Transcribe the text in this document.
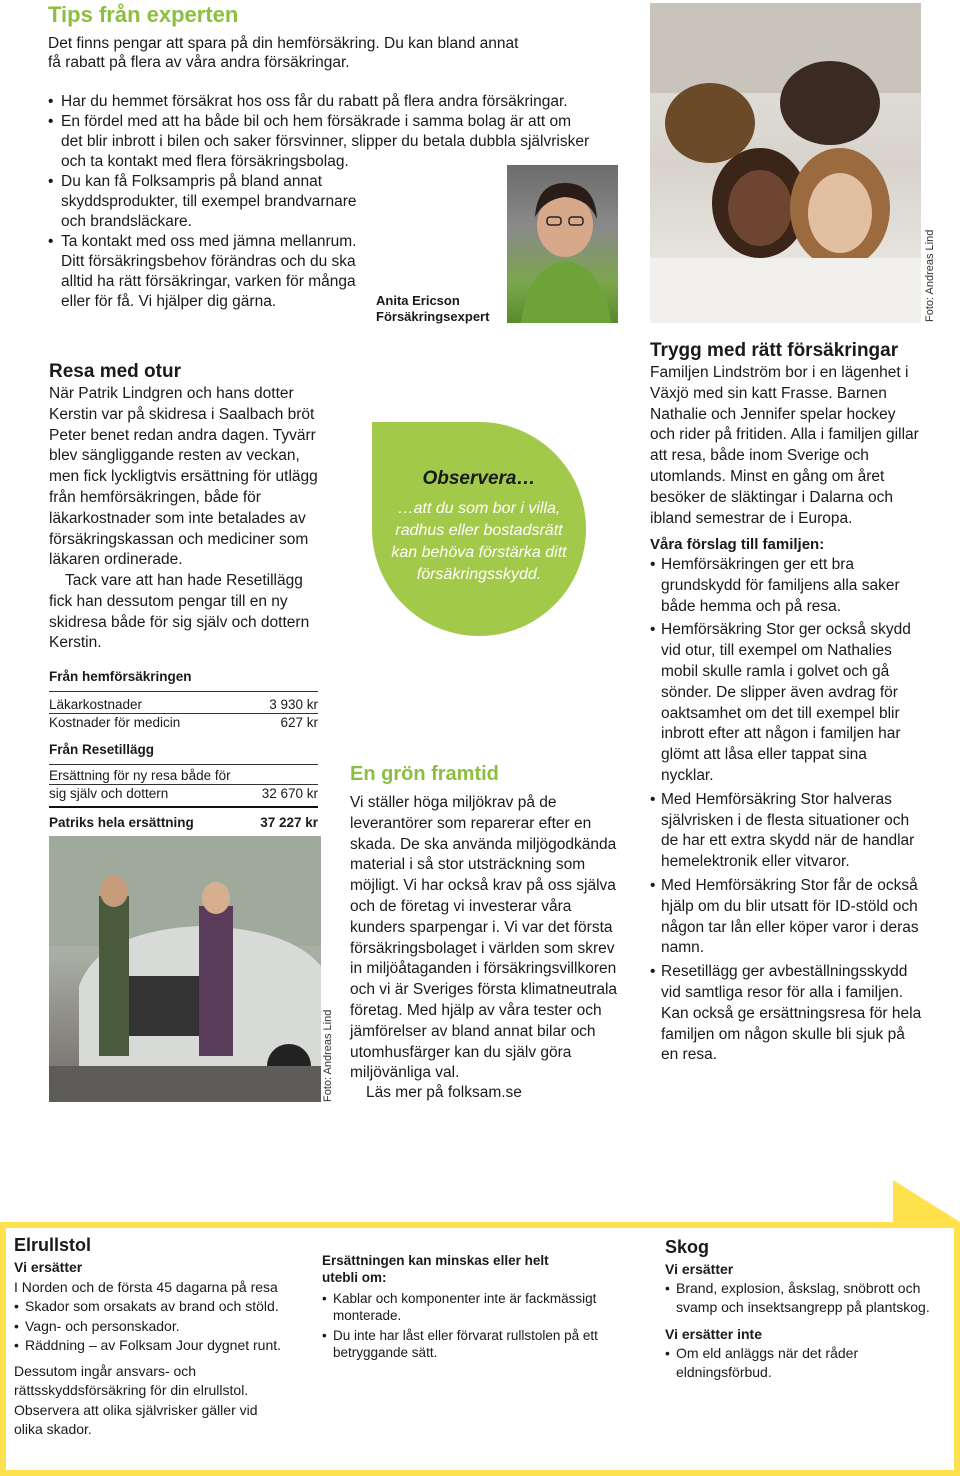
Tips från experten
Det finns pengar att spara på din hemförsäkring. Du kan bland annat
få rabatt på flera av våra andra försäkringar.
• Har du hemmet försäkrat hos oss får du rabatt på flera andra försäkringar.
• En fördel med att ha både bil och hem försäkrade i samma bolag är att om det blir inbrott i bilen och saker försvinner, slipper du betala dubbla självrisker och ta kontakt med flera försäkringsbolag.
• Du kan få Folksampris på bland annat skyddsprodukter, till exempel brandvarnare och brandsläckare.
• Ta kontakt med oss med jämna mellanrum. Ditt försäkringsbehov förändras och du ska alltid ha rätt försäkringar, varken för många eller för få. Vi hjälper dig gärna.	Anita Ericson
Försäkringsexpert	Foto: Andreas Lind
Resa med otur
När Patrik Lindgren och hans dotter Kerstin var på skidresa i Saalbach bröt Peter benet redan andra dagen. Tyvärr blev sängliggande resten av veckan, men fick lyckligtvis ersättning för utlägg från hemförsäkringen, både för läkarkostnader som inte betalades av försäkringskassan och mediciner som läkaren ordinerade.
Tack vare att han hade Resetillägg fick han dessutom pengar till en ny skidresa både för sig själv och dottern Kerstin.
Från hemförsäkringen
Läkarkostnader	3 930 kr
Kostnader för medicin	627 kr
Från Resetillägg
Ersättning för ny resa både för
sig själv och dottern	32 670 kr
Patriks hela ersättning	37 227 kr
Foto: Andreas Lind
Observera…
…att du som bor i villa, radhus eller bostadsrätt kan behöva förstärka ditt försäkringsskydd.
En grön framtid
Vi ställer höga miljökrav på de leverantörer som reparerar efter en skada. De ska använda miljögodkända material i så stor utsträckning som möjligt. Vi har också krav på oss själva och de företag vi investerar våra kunders sparpengar i. Vi var det första försäkringsbolaget i världen som skrev in miljöåtaganden i försäkringsvillkoren och vi är Sveriges första klimatneutrala företag. Med hjälp av våra tester och jämförelser av bland annat bilar och utomhusfärger kan du själv göra miljövänliga val.
Läs mer på folksam.se
Trygg med rätt försäkringar
Familjen Lindström bor i en lägenhet i Växjö med sin katt Frasse. Barnen Nathalie och Jennifer spelar hockey och rider på fritiden. Alla i familjen gillar att resa, både inom Sverige och utomlands. Minst en gång om året besöker de släktingar i Dalarna och ibland semestrar de i Europa.
Våra förslag till familjen:
• Hemförsäkringen ger ett bra grundskydd för familjens alla saker både hemma och på resa.
• Hemförsäkring Stor ger också skydd vid otur, till exempel om Nathalies mobil skulle ramla i golvet och gå sönder. De slipper även avdrag för oaktsamhet om det till exempel blir inbrott efter att någon i familjen har glömt att låsa eller tappat sina nycklar.
• Med Hemförsäkring Stor halveras självrisken i de flesta situationer och de har ett extra skydd när de handlar hemelektronik eller vitvaror.
• Med Hemförsäkring Stor får de också hjälp om du blir utsatt för ID-stöld och någon tar lån eller köper varor i deras namn.
• Resetillägg ger avbeställningsskydd vid samtliga resor för alla i familjen. Kan också ge ersättningsresa för hela familjen om någon skulle bli sjuk på en resa.
Elrullstol
Vi ersätter
I Norden och de första 45 dagarna på resa
• Skador som orsakats av brand och stöld.
• Vagn- och personskador.
• Räddning – av Folksam Jour dygnet runt.
Dessutom ingår ansvars- och rättsskyddsförsäkring för din elrullstol. Observera att olika självrisker gäller vid olika skador.
Ersättningen kan minskas eller helt utebli om:
• Kablar och komponenter inte är fackmässigt monterade.
• Du inte har låst eller förvarat rullstolen på ett betryggande sätt.
Skog
Vi ersätter
• Brand, explosion, åskslag, snöbrott och svamp och insektsangrepp på plantskog.
Vi ersätter inte
• Om eld anläggs när det råder eldningsförbud.
